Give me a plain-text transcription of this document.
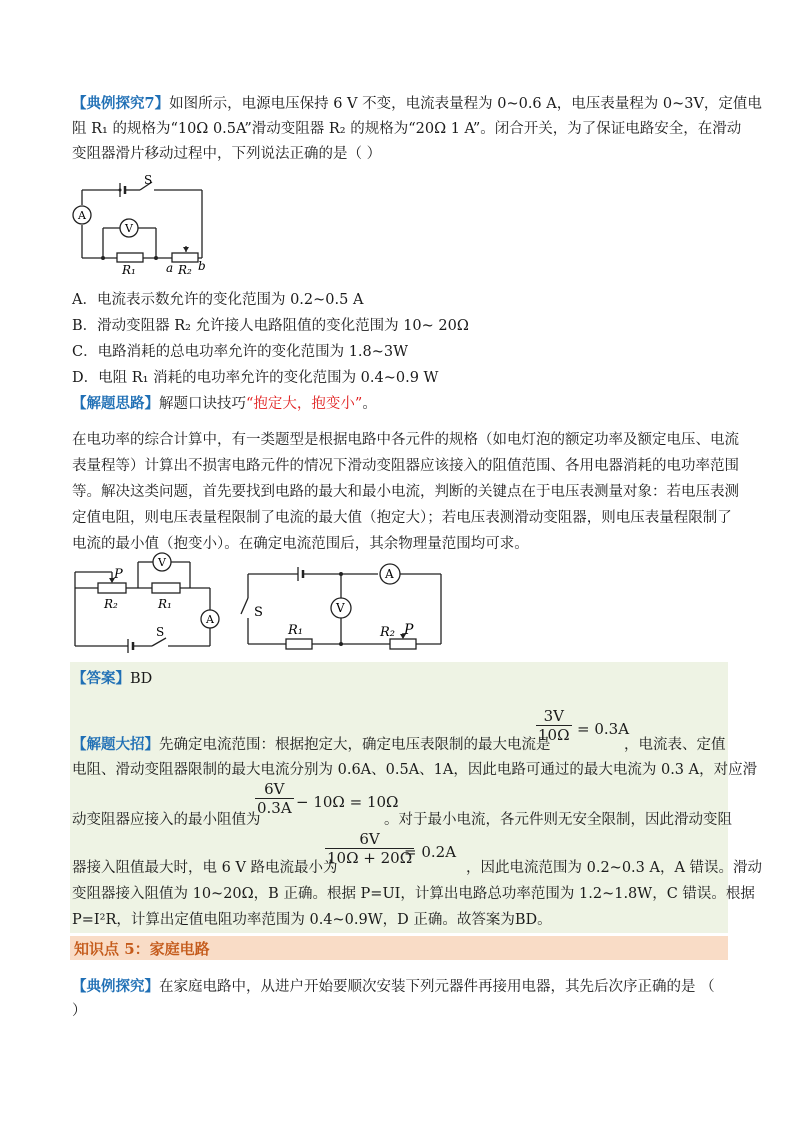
【典例探究7】如图所示，电源电压保持 6 V 不变，电流表量程为 0~0.6 A，电压表量程为 0~3V，定值电
阻 R₁ 的规格为“10Ω 0.5A”滑动变阻器 R₂ 的规格为“20Ω 1 A”。闭合开关，为了保证电路安全，在滑动
变阻器滑片移动过程中，下列说法正确的是（ ）
S
A
V
R₁	a R₂ b
A．电流表示数允许的变化范围为 0.2~0.5 A
B．滑动变阻器 R₂ 允许接人电路阻值的变化范围为 10~ 20Ω
C．电路消耗的总电功率允许的变化范围为 1.8~3W
D．电阻 R₁ 消耗的电功率允许的变化范围为 0.4~0.9 W
【解题思路】解题口诀技巧“抱定大，抱变小”。
在电功率的综合计算中，有一类题型是根据电路中各元件的规格（如电灯泡的额定功率及额定电压、电流
表量程等）计算出不损害电路元件的情况下滑动变阻器应该接入的阻值范围、各用电器消耗的电功率范围
等。解决这类问题，首先要找到电路的最大和最小电流，判断的关键点在于电压表测量对象：若电压表测
定值电阻，则电压表量程限制了电流的最大值（抱定大）；若电压表测滑动变阻器，则电压表量程限制了
电流的最小值（抱变小）。在确定电流范围后，其余物理量范围均可求。
P
V
R₂	R₁
A
S
A
S	V
R₁	R₂ P
【答案】BD
【解题大招】先确定电流范围：根据抱定大，确定电压表限制的最大电流是
3V
10Ω = 0.3A
，电流表、定值
电阻、滑动变阻器限制的最大电流分别为 0.6A、0.5A、1A，因此电路可通过的最大电流为 0.3 A，对应滑
动变阻器应接入的最小阻值为
6V
0.3A − 10Ω = 10Ω
。对于最小电流，各元件则无安全限制，因此滑动变阻
器接入阻值最大时，电 6 V 路电流最小为
6V
10Ω + 20Ω
= 0.2A
，因此电流范围为 0.2~0.3 A，A 错误。滑动
变阻器接入阻值为 10~20Ω，B 正确。根据 P=UI，计算出电路总功率范围为 1.2~1.8W，C 错误。根据
P=I²R，计算出定值电阻功率范围为 0.4~0.9W，D 正确。故答案为BD。
知识点 5：家庭电路
【典例探究】在家庭电路中，从进户开始要顺次安装下列元器件再接用电器，其先后次序正确的是 （
）
